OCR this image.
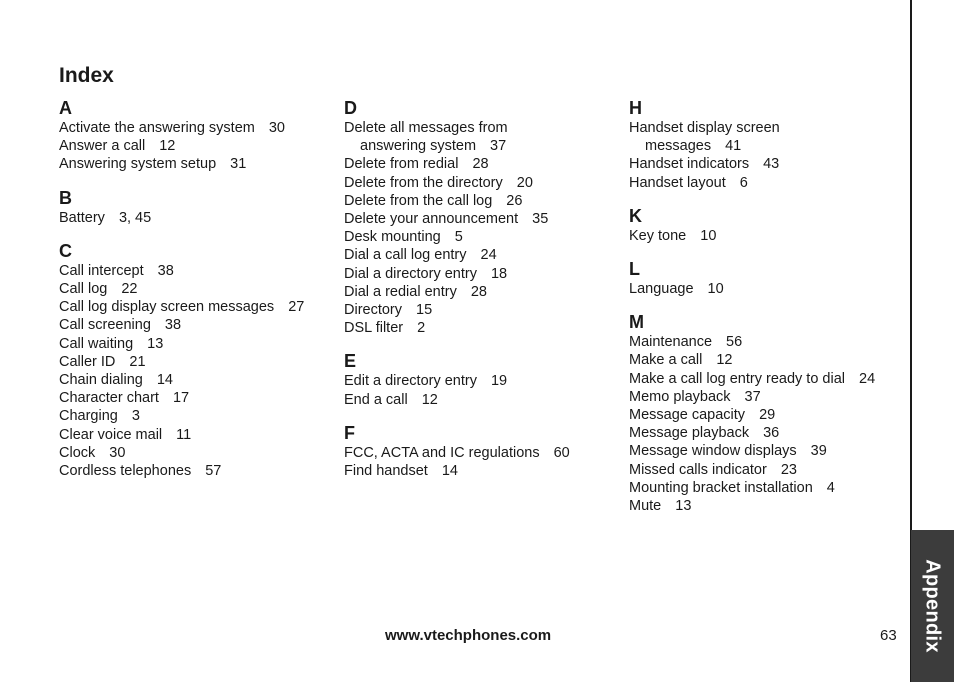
Appendix
Index
A
Activate the answering system 30
Answer a call 12
Answering system setup 31
B
Battery 3, 45
C
Call intercept 38
Call log 22
Call log display screen messages 27
Call screening 38
Call waiting 13
Caller ID 21
Chain dialing 14
Character chart 17
Charging 3
Clear voice mail 11
Clock 30
Cordless telephones 57
D
Delete all messages from
answering system 37
Delete from redial 28
Delete from the directory 20
Delete from the call log 26
Delete your announcement 35
Desk mounting 5
Dial a call log entry 24
Dial a directory entry 18
Dial a redial entry 28
Directory 15
DSL filter 2
E
Edit a directory entry 19
End a call 12
F
FCC, ACTA and IC regulations 60
Find handset 14
H
Handset display screen
messages 41
Handset indicators 43
Handset layout 6
K
Key tone 10
L
Language 10
M
Maintenance 56
Make a call 12
Make a call log entry ready to dial 24
Memo playback 37
Message capacity 29
Message playback 36
Message window displays 39
Missed calls indicator 23
Mounting bracket installation 4
Mute 13
www.vtechphones.com	63
